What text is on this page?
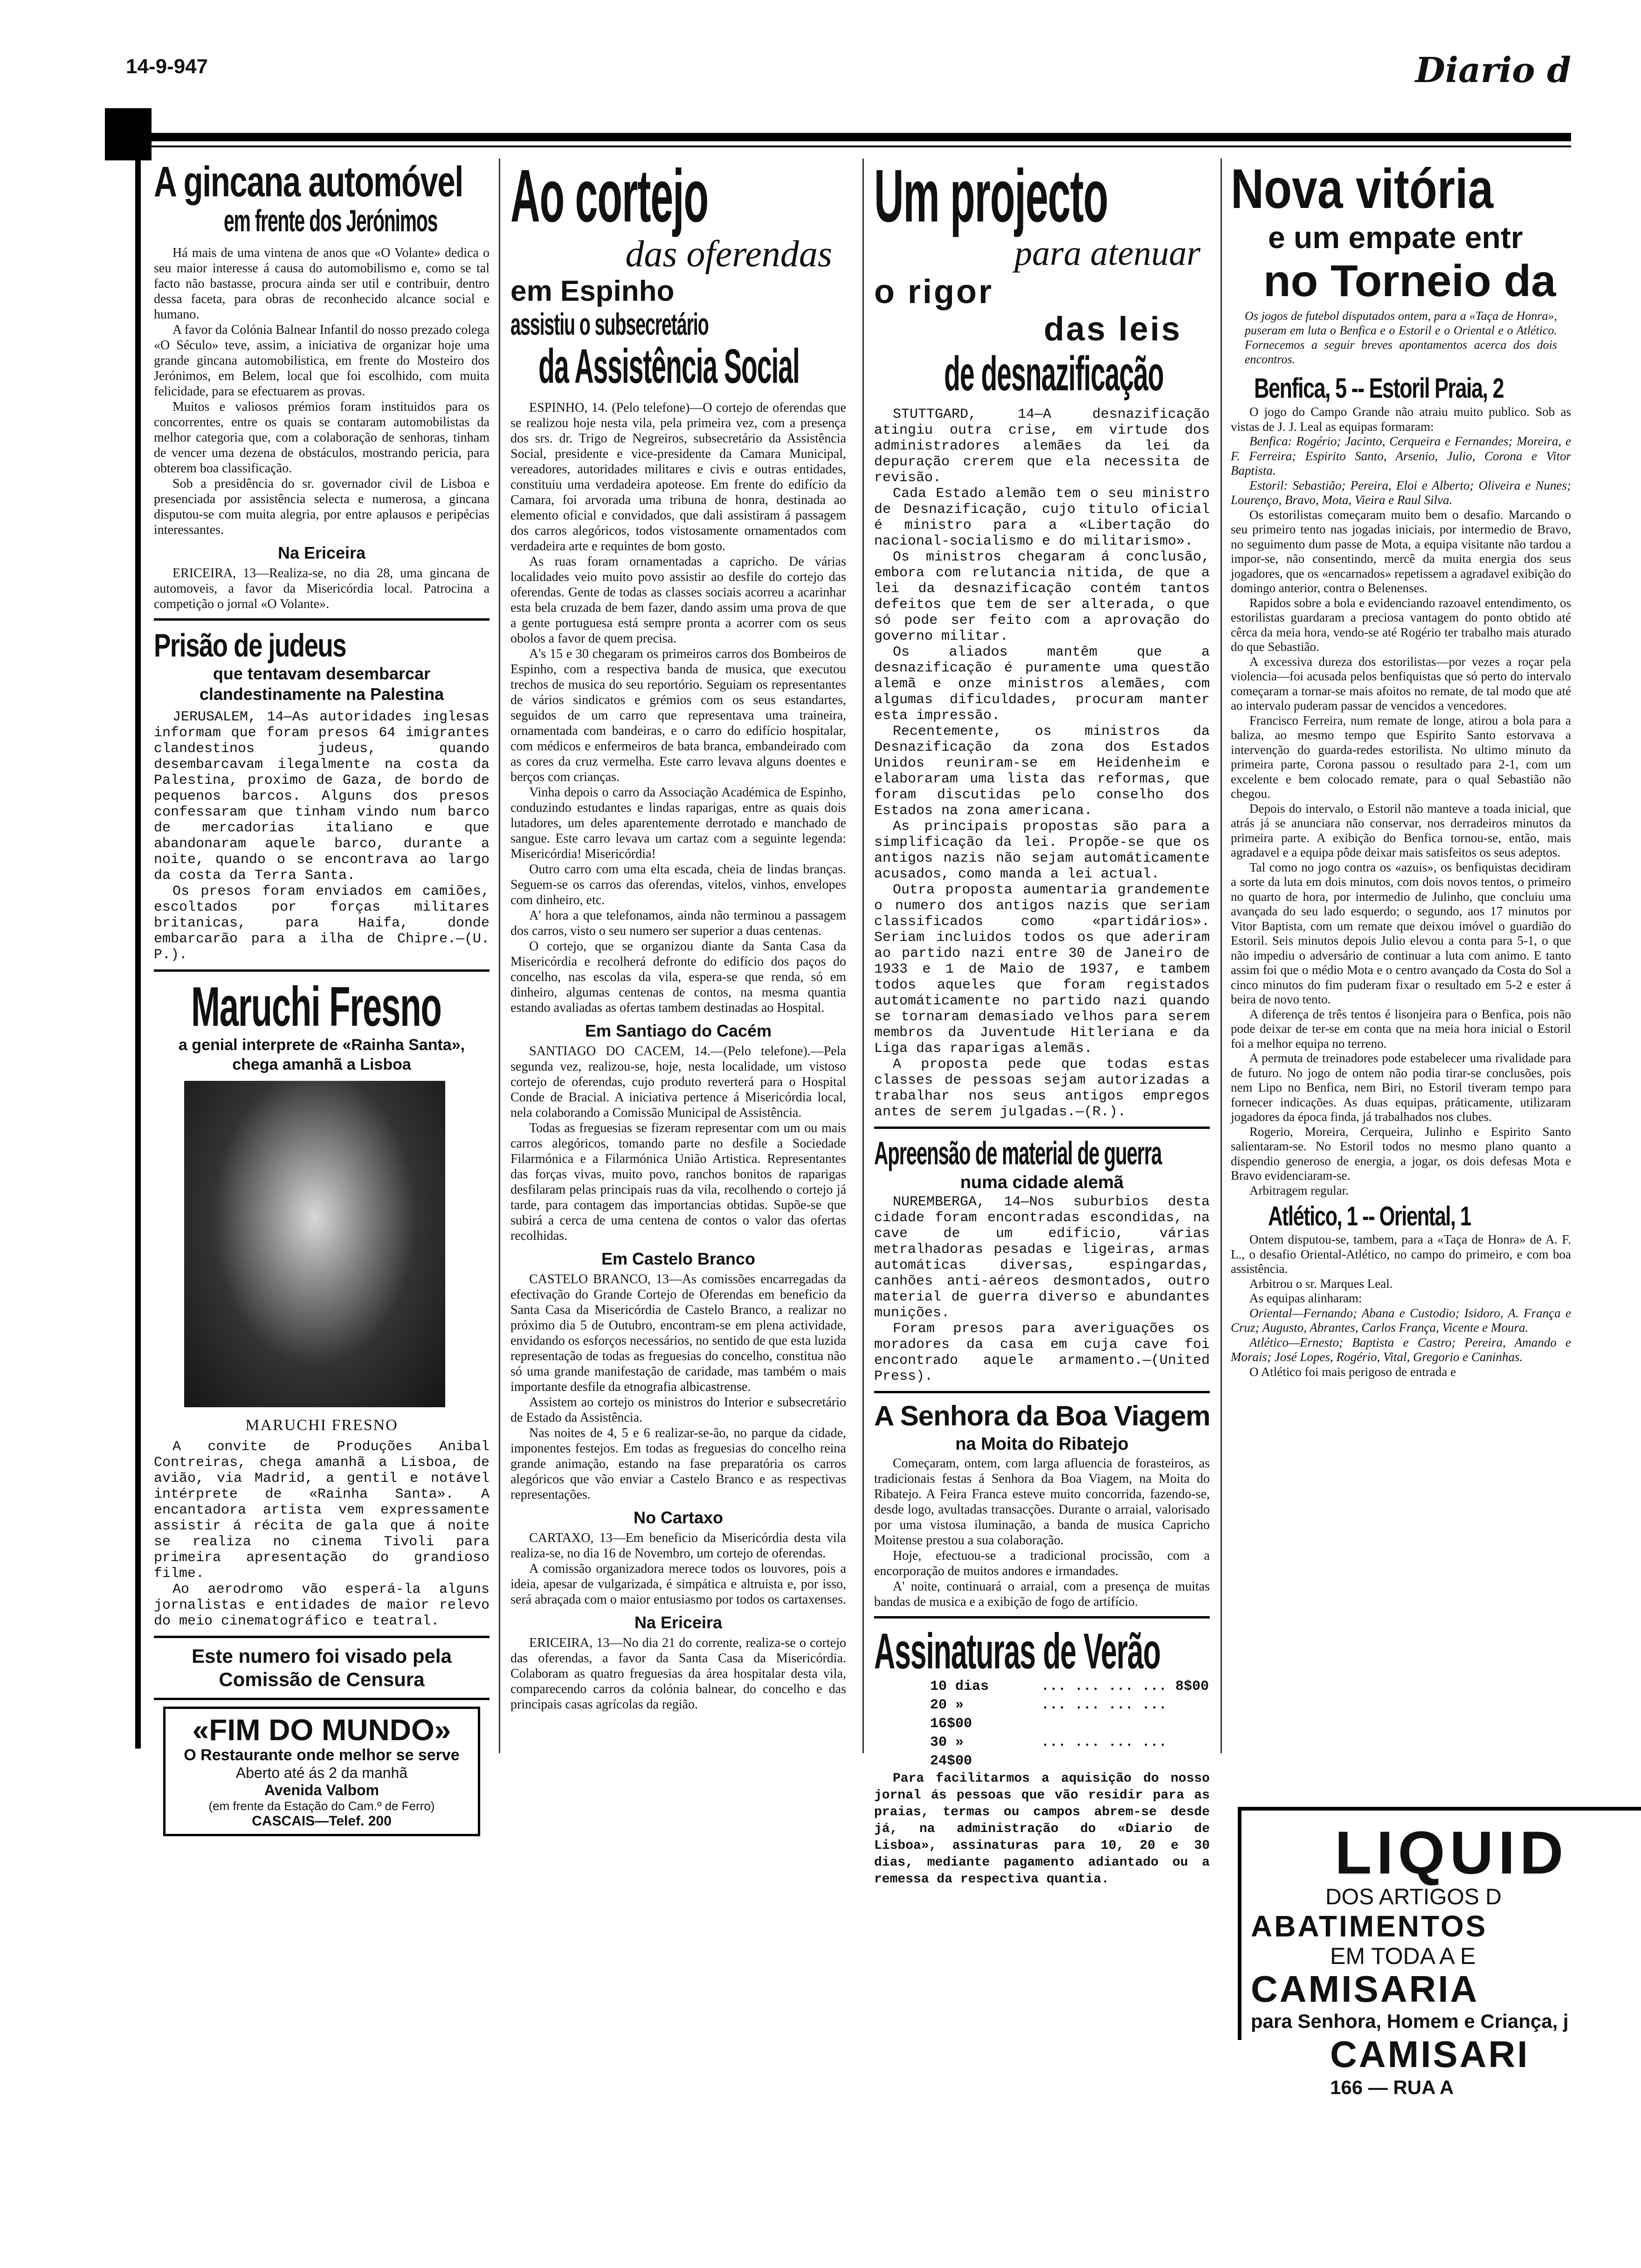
14-9-947	Diario d
A gincana automóvel
em frente dos Jerónimos

Há mais de uma vintena de anos que «O Volante» dedica o seu maior interesse á causa do automobilismo e, como se tal facto não bastasse, procura ainda ser util e contribuir, dentro dessa faceta, para obras de reconhecido alcance social e humano.

A favor da Colónia Balnear Infantil do nosso prezado colega «O Século» teve, assim, a iniciativa de organizar hoje uma grande gincana automobilistica, em frente do Mosteiro dos Jerónimos, em Belem, local que foi escolhido, com muita felicidade, para se efectuarem as provas.

Muitos e valiosos prémios foram instituidos para os concorrentes, entre os quais se contaram automobilistas da melhor categoria que, com a colaboração de senhoras, tinham de vencer uma dezena de obstáculos, mostrando pericia, para obterem boa classificação.

Sob a presidência do sr. governador civil de Lisboa e presenciada por assistência selecta e numerosa, a gincana disputou-se com muita alegria, por entre aplausos e peripécias interessantes.

Na Ericeira

ERICEIRA, 13—Realiza-se, no dia 28, uma gincana de automoveis, a favor da Misericórdia local. Patrocina a competição o jornal «O Volante».

Prisão de judeus
que tentavam desembarcar clandestinamente na Palestina

JERUSALEM, 14—As autoridades inglesas informam que foram presos 64 imigrantes clandestinos judeus, quando desembarcavam ilegalmente na costa da Palestina, proximo de Gaza, de bordo de pequenos barcos. Alguns dos presos confessaram que tinham vindo num barco de mercadorias italiano e que abandonaram aquele barco, durante a noite, quando o se encontrava ao largo da costa da Terra Santa.

Os presos foram enviados em camiões, escoltados por forças militares britanicas, para Haifa, donde embarcarão para a ilha de Chipre.—(U. P.).

Maruchi Fresno
a genial interprete de «Rainha Santa», chega amanhã a Lisboa
MARUCHI FRESNO

A convite de Produções Anibal Contreiras, chega amanhã a Lisboa, de avião, via Madrid, a gentil e notável intérprete de «Rainha Santa». A encantadora artista vem expressamente assistir á récita de gala que á noite se realiza no cinema Tivoli para primeira apresentação do grandioso filme.

Ao aerodromo vão esperá-la alguns jornalistas e entidades de maior relevo do meio cinematográfico e teatral.

Este numero foi visado pela Comissão de Censura
«FIM DO MUNDO»
O Restaurante onde melhor se serve
Aberto até ás 2 da manhã
Avenida Valbom
(em frente da Estação do Cam.º de Ferro)
CASCAIS—Telef. 200
Ao cortejo
das oferendas
em Espinho
assistiu o subsecretário
da Assistência Social

ESPINHO, 14. (Pelo telefone)—O cortejo de oferendas que se realizou hoje nesta vila, pela primeira vez, com a presença dos srs. dr. Trigo de Negreiros, subsecretário da Assistência Social, presidente e vice-presidente da Camara Municipal, vereadores, autoridades militares e civis e outras entidades, constituiu uma verdadeira apoteose. Em frente do edifício da Camara, foi arvorada uma tribuna de honra, destinada ao elemento oficial e convidados, que dali assistiram á passagem dos carros alegóricos, todos vistosamente ornamentados com verdadeira arte e requintes de bom gosto.

As ruas foram ornamentadas a capricho. De várias localidades veio muito povo assistir ao desfile do cortejo das oferendas. Gente de todas as classes sociais acorreu a acarinhar esta bela cruzada de bem fazer, dando assim uma prova de que a gente portuguesa está sempre pronta a acorrer com os seus obolos a favor de quem precisa.

A's 15 e 30 chegaram os primeiros carros dos Bombeiros de Espinho, com a respectiva banda de musica, que executou trechos de musica do seu reportório. Seguiam os representantes de vários sindicatos e grémios com os seus estandartes, seguidos de um carro que representava uma traineira, ornamentada com bandeiras, e o carro do edifício hospitalar, com médicos e enfermeiros de bata branca, embandeirado com as cores da cruz vermelha. Este carro levava alguns doentes e berços com crianças.

Vinha depois o carro da Associação Académica de Espinho, conduzindo estudantes e lindas raparigas, entre as quais dois lutadores, um deles aparentemente derrotado e manchado de sangue. Este carro levava um cartaz com a seguinte legenda: Misericórdia! Misericórdia!

Outro carro com uma elta escada, cheia de lindas branças. Seguem-se os carros das oferendas, vitelos, vinhos, envelopes com dinheiro, etc.

A' hora a que telefonamos, ainda não terminou a passagem dos carros, visto o seu numero ser superior a duas centenas.

O cortejo, que se organizou diante da Santa Casa da Misericórdia e recolherá defronte do edifício dos paços do concelho, nas escolas da vila, espera-se que renda, só em dinheiro, algumas centenas de contos, na mesma quantia estando avaliadas as ofertas tambem destinadas ao Hospital.

Em Santiago do Cacém

SANTIAGO DO CACEM, 14.—(Pelo telefone).—Pela segunda vez, realizou-se, hoje, nesta localidade, um vistoso cortejo de oferendas, cujo produto reverterá para o Hospital Conde de Bracial. A iniciativa pertence á Misericórdia local, nela colaborando a Comissão Municipal de Assistência.

Todas as freguesias se fizeram representar com um ou mais carros alegóricos, tomando parte no desfile a Sociedade Filarmónica e a Filarmónica União Artistica. Representantes das forças vivas, muito povo, ranchos bonitos de raparigas desfilaram pelas principais ruas da vila, recolhendo o cortejo já tarde, para contagem das importancias obtidas. Supõe-se que subirá a cerca de uma centena de contos o valor das ofertas recolhidas.

Em Castelo Branco

CASTELO BRANCO, 13—As comissões encarregadas da efectivação do Grande Cortejo de Oferendas em beneficio da Santa Casa da Misericórdia de Castelo Branco, a realizar no próximo dia 5 de Outubro, encontram-se em plena actividade, envidando os esforços necessários, no sentido de que esta luzida representação de todas as freguesias do concelho, constitua não só uma grande manifestação de caridade, mas também o mais importante desfile da etnografia albicastrense.

Assistem ao cortejo os ministros do Interior e subsecretário de Estado da Assistência.

Nas noites de 4, 5 e 6 realizar-se-ão, no parque da cidade, imponentes festejos. Em todas as freguesias do concelho reina grande animação, estando na fase preparatória os carros alegóricos que vão enviar a Castelo Branco e as respectivas representações.

No Cartaxo

CARTAXO, 13—Em beneficio da Misericórdia desta vila realiza-se, no dia 16 de Novembro, um cortejo de oferendas.

A comissão organizadora merece todos os louvores, pois a ideia, apesar de vulgarizada, é simpática e altruista e, por isso, será abraçada com o maior entusiasmo por todos os cartaxenses.

Na Ericeira

ERICEIRA, 13—No dia 21 do corrente, realiza-se o cortejo das oferendas, a favor da Santa Casa da Misericórdia. Colaboram as quatro freguesias da área hospitalar desta vila, comparecendo carros da colónia balnear, do concelho e das principais casas agrícolas da região.

Um projecto
para atenuar
o rigor
das leis
de desnazificação

STUTTGARD, 14—A desnazificação atingiu outra crise, em virtude dos administradores alemães da lei da depuração crerem que ela necessita de revisão.

Cada Estado alemão tem o seu ministro de Desnazificação, cujo titulo oficial é ministro para a «Libertação do nacional-socialismo e do militarismo».

Os ministros chegaram á conclusão, embora com relutancia nitida, de que a lei da desnazificação contém tantos defeitos que tem de ser alterada, o que só pode ser feito com a aprovação do governo militar.

Os aliados mantêm que a desnazificação é puramente uma questão alemã e onze ministros alemães, com algumas dificuldades, procuram manter esta impressão.

Recentemente, os ministros da Desnazificação da zona dos Estados Unidos reuniram-se em Heidenheim e elaboraram uma lista das reformas, que foram discutidas pelo conselho dos Estados na zona americana.

As principais propostas são para a simplificação da lei. Propõe-se que os antigos nazis não sejam automáticamente acusados, como manda a lei actual.

Outra proposta aumentaria grandemente o numero dos antigos nazis que seriam classificados como «partidários». Seriam incluidos todos os que aderiram ao partido nazi entre 30 de Janeiro de 1933 e 1 de Maio de 1937, e tambem todos aqueles que foram registados automáticamente no partido nazi quando se tornaram demasiado velhos para serem membros da Juventude Hitleriana e da Liga das raparigas alemãs.

A proposta pede que todas estas classes de pessoas sejam autorizadas a trabalhar nos seus antigos empregos antes de serem julgadas.—(R.).

Apreensão de material de guerra
numa cidade alemã

NUREMBERGA, 14—Nos suburbios desta cidade foram encontradas escondidas, na cave de um edificio, várias metralhadoras pesadas e ligeiras, armas automáticas diversas, espingardas, canhões anti-aéreos desmontados, outro material de guerra diverso e abundantes munições.

Foram presos para averiguações os moradores da casa em cuja cave foi encontrado aquele armamento.—(United Press).

A Senhora da Boa Viagem
na Moita do Ribatejo

Começaram, ontem, com larga afluencia de forasteiros, as tradicionais festas á Senhora da Boa Viagem, na Moita do Ribatejo. A Feira Franca esteve muito concorrida, fazendo-se, desde logo, avultadas transacções. Durante o arraial, valorisado por uma vistosa iluminação, a banda de musica Capricho Moitense prestou a sua colaboração.

Hoje, efectuou-se a tradicional procissão, com a encorporação de muitos andores e irmandades.

A' noite, continuará o arraial, com a presença de muitas bandas de musica e a exibição de fogo de artifício.

Assinaturas de Verão
10 dias	... ... ... ... 8$00
20 »	... ... ... ... 16$00
30 »	... ... ... ... 24$00

Para facilitarmos a aquisição do nosso jornal ás pessoas que vão residir para as praias, termas ou campos abrem-se desde já, na administração do «Diario de Lisboa», assinaturas para 10, 20 e 30 dias, mediante pagamento adiantado ou a remessa da respectiva quantia.

Nova vitória
e um empate entr
no Torneio da
Os jogos de futebol disputados ontem, para a «Taça de Honra», puseram em luta o Benfica e o Estoril e o Oriental e o Atlético. Fornecemos a seguir breves apontamentos acerca dos dois encontros.
Benfica, 5 -- Estoril Praia, 2

O jogo do Campo Grande não atraiu muito publico. Sob as vistas de J. J. Leal as equipas formaram:

Benfica: Rogério; Jacinto, Cerqueira e Fernandes; Moreira, e F. Ferreira; Espirito Santo, Arsenio, Julio, Corona e Vitor Baptista.

Estoril: Sebastião; Pereira, Eloi e Alberto; Oliveira e Nunes; Lourenço, Bravo, Mota, Vieira e Raul Silva.

Os estorilistas começaram muito bem o desafio. Marcando o seu primeiro tento nas jogadas iniciais, por intermedio de Bravo, no seguimento dum passe de Mota, a equipa visitante não tardou a impor-se, não consentindo, mercê da muita energia dos seus jogadores, que os «encarnados» repetissem a agradavel exibição do domingo anterior, contra o Belenenses.

Rapidos sobre a bola e evidenciando razoavel entendimento, os estorilistas guardaram a preciosa vantagem do ponto obtido até cêrca da meia hora, vendo-se até Rogério ter trabalho mais aturado do que Sebastião.

A excessiva dureza dos estorilistas—por vezes a roçar pela violencia—foi acusada pelos benfiquistas que só perto do intervalo começaram a tornar-se mais afoitos no remate, de tal modo que até ao intervalo puderam passar de vencidos a vencedores.

Francisco Ferreira, num remate de longe, atirou a bola para a baliza, ao mesmo tempo que Espirito Santo estorvava a intervenção do guarda-redes estorilista. No ultimo minuto da primeira parte, Corona passou o resultado para 2-1, com um excelente e bem colocado remate, para o qual Sebastião não chegou.

Depois do intervalo, o Estoril não manteve a toada inicial, que atrás já se anunciara não conservar, nos derradeiros minutos da primeira parte. A exibição do Benfica tornou-se, então, mais agradavel e a equipa pôde deixar mais satisfeitos os seus adeptos.

Tal como no jogo contra os «azuis», os benfiquistas decidiram a sorte da luta em dois minutos, com dois novos tentos, o primeiro no quarto de hora, por intermedio de Julinho, que concluiu uma avançada do seu lado esquerdo; o segundo, aos 17 minutos por Vitor Baptista, com um remate que deixou imóvel o guardião do Estoril. Seis minutos depois Julio elevou a conta para 5-1, o que não impediu o adversário de continuar a luta com animo. E tanto assim foi que o médio Mota e o centro avançado da Costa do Sol a cinco minutos do fim puderam fixar o resultado em 5-2 e ester á beira de novo tento.

A diferença de três tentos é lisonjeira para o Benfica, pois não pode deixar de ter-se em conta que na meia hora inicial o Estoril foi a melhor equipa no terreno.

A permuta de treinadores pode estabelecer uma rivalidade para de futuro. No jogo de ontem não podia tirar-se conclusões, pois nem Lipo no Benfica, nem Biri, no Estoril tiveram tempo para fornecer indicações. As duas equipas, práticamente, utilizaram jogadores da época finda, já trabalhados nos clubes.

Rogerio, Moreira, Cerqueira, Julinho e Espirito Santo salientaram-se. No Estoril todos no mesmo plano quanto a dispendio generoso de energia, a jogar, os dois defesas Mota e Bravo evidenciaram-se.

Arbitragem regular.

Atlético, 1 -- Oriental, 1

Ontem disputou-se, tambem, para a «Taça de Honra» de A. F. L., o desafio Oriental-Atlético, no campo do primeiro, e com boa assistência.

Arbitrou o sr. Marques Leal.

As equipas alinharam:

Oriental—Fernando; Abana e Custodio; Isidoro, A. França e Cruz; Augusto, Abrantes, Carlos França, Vicente e Moura.

Atlético—Ernesto; Baptista e Castro; Pereira, Amando e Morais; José Lopes, Rogério, Vital, Gregorio e Caninhas.

O Atlético foi mais perigoso de entrada e

LIQUID
DOS ARTIGOS D
ABATIMENTOS
EM TODA A E
CAMISARIA
para Senhora, Homem e Criança, j
CAMISARI
166 — RUA A
